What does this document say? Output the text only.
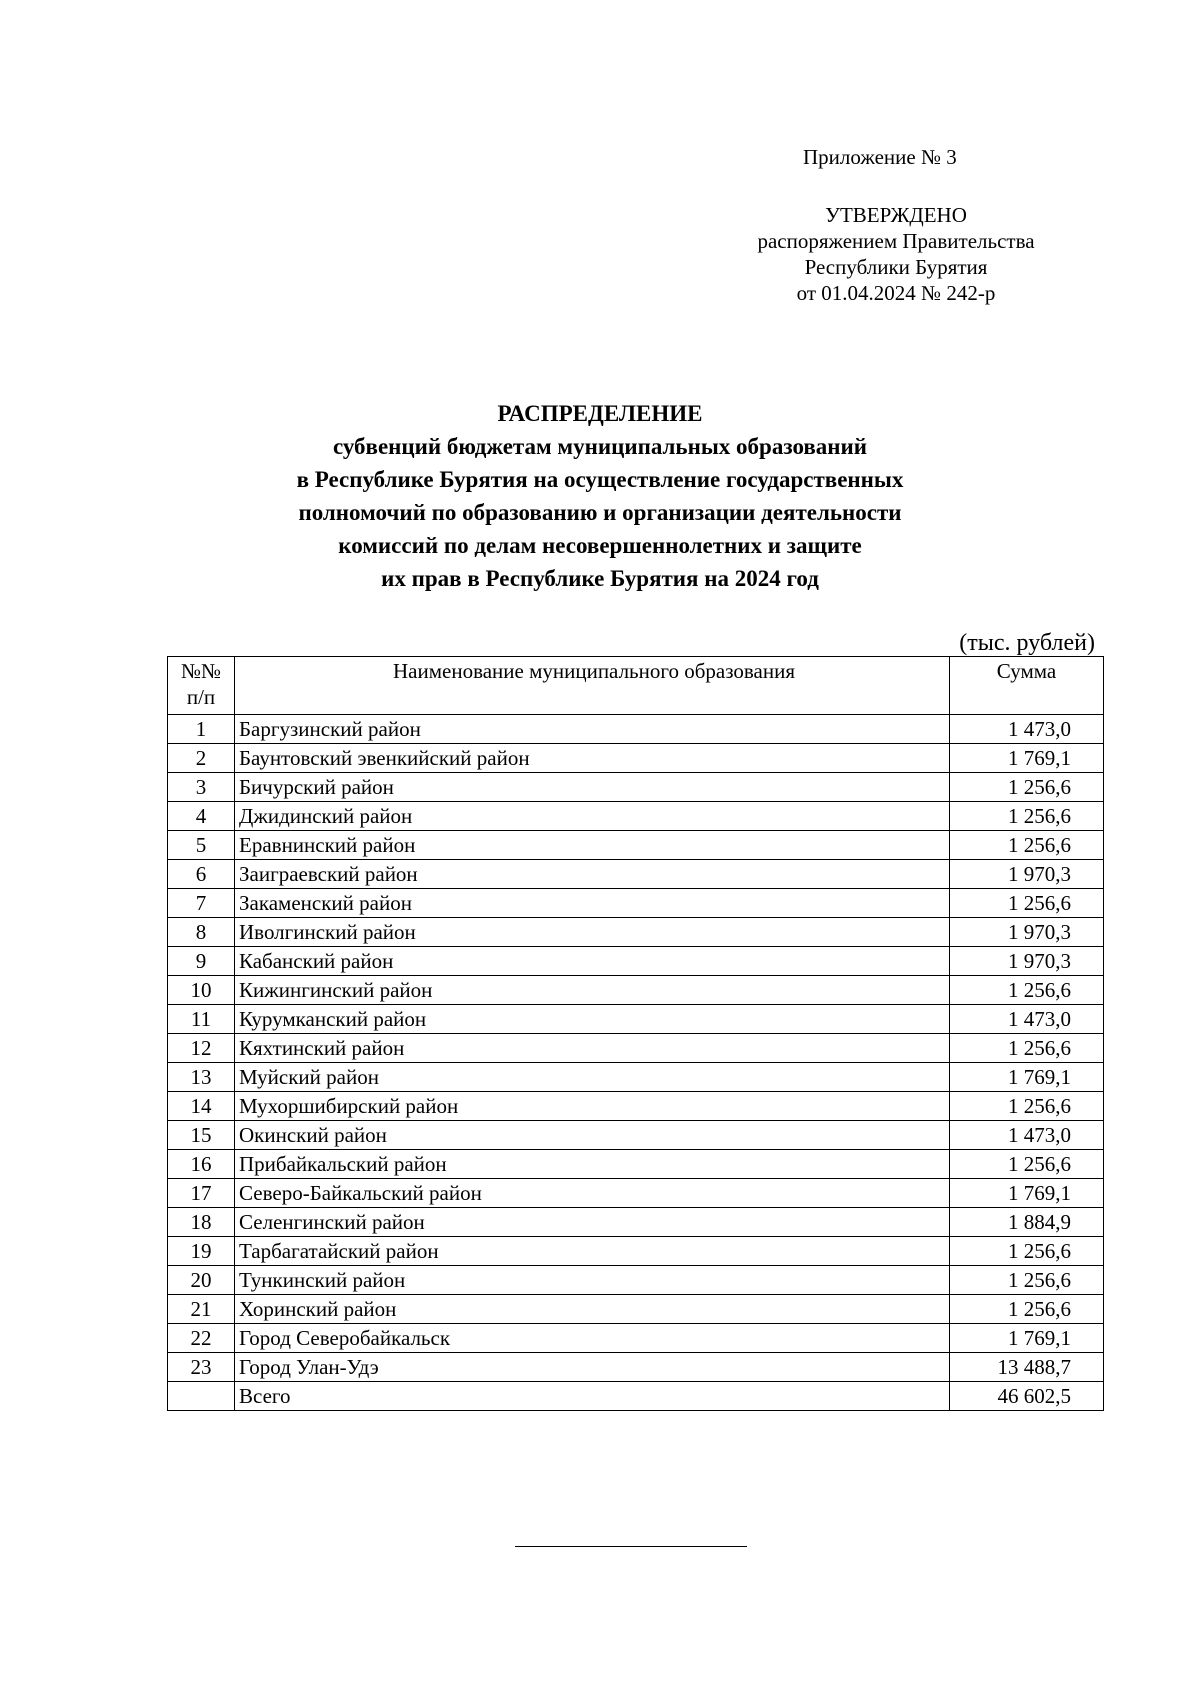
Приложение № 3
УТВЕРЖДЕНО
распоряжением Правительства
Республики Бурятия
от 01.04.2024 № 242-р
РАСПРЕДЕЛЕНИЕ
субвенций бюджетам муниципальных образований
в Республике Бурятия на осуществление государственных
полномочий по образованию и организации деятельности
комиссий по делам несовершеннолетних и защите
их прав в Республике Бурятия на 2024 год
(тыс. рублей)
№№
п/п	Наименование муниципального образования	Сумма
1	Баргузинский район	1 473,0
2	Баунтовский эвенкийский район	1 769,1
3	Бичурский район	1 256,6
4	Джидинский район	1 256,6
5	Еравнинский район	1 256,6
6	Заиграевский район	1 970,3
7	Закаменский район	1 256,6
8	Иволгинский район	1 970,3
9	Кабанский район	1 970,3
10	Кижингинский район	1 256,6
11	Курумканский район	1 473,0
12	Кяхтинский район	1 256,6
13	Муйский район	1 769,1
14	Мухоршибирский район	1 256,6
15	Окинский район	1 473,0
16	Прибайкальский район	1 256,6
17	Северо-Байкальский район	1 769,1
18	Селенгинский район	1 884,9
19	Тарбагатайский район	1 256,6
20	Тункинский район	1 256,6
21	Хоринский район	1 256,6
22	Город Северобайкальск	1 769,1
23	Город Улан-Удэ	13 488,7
	Всего	46 602,5
